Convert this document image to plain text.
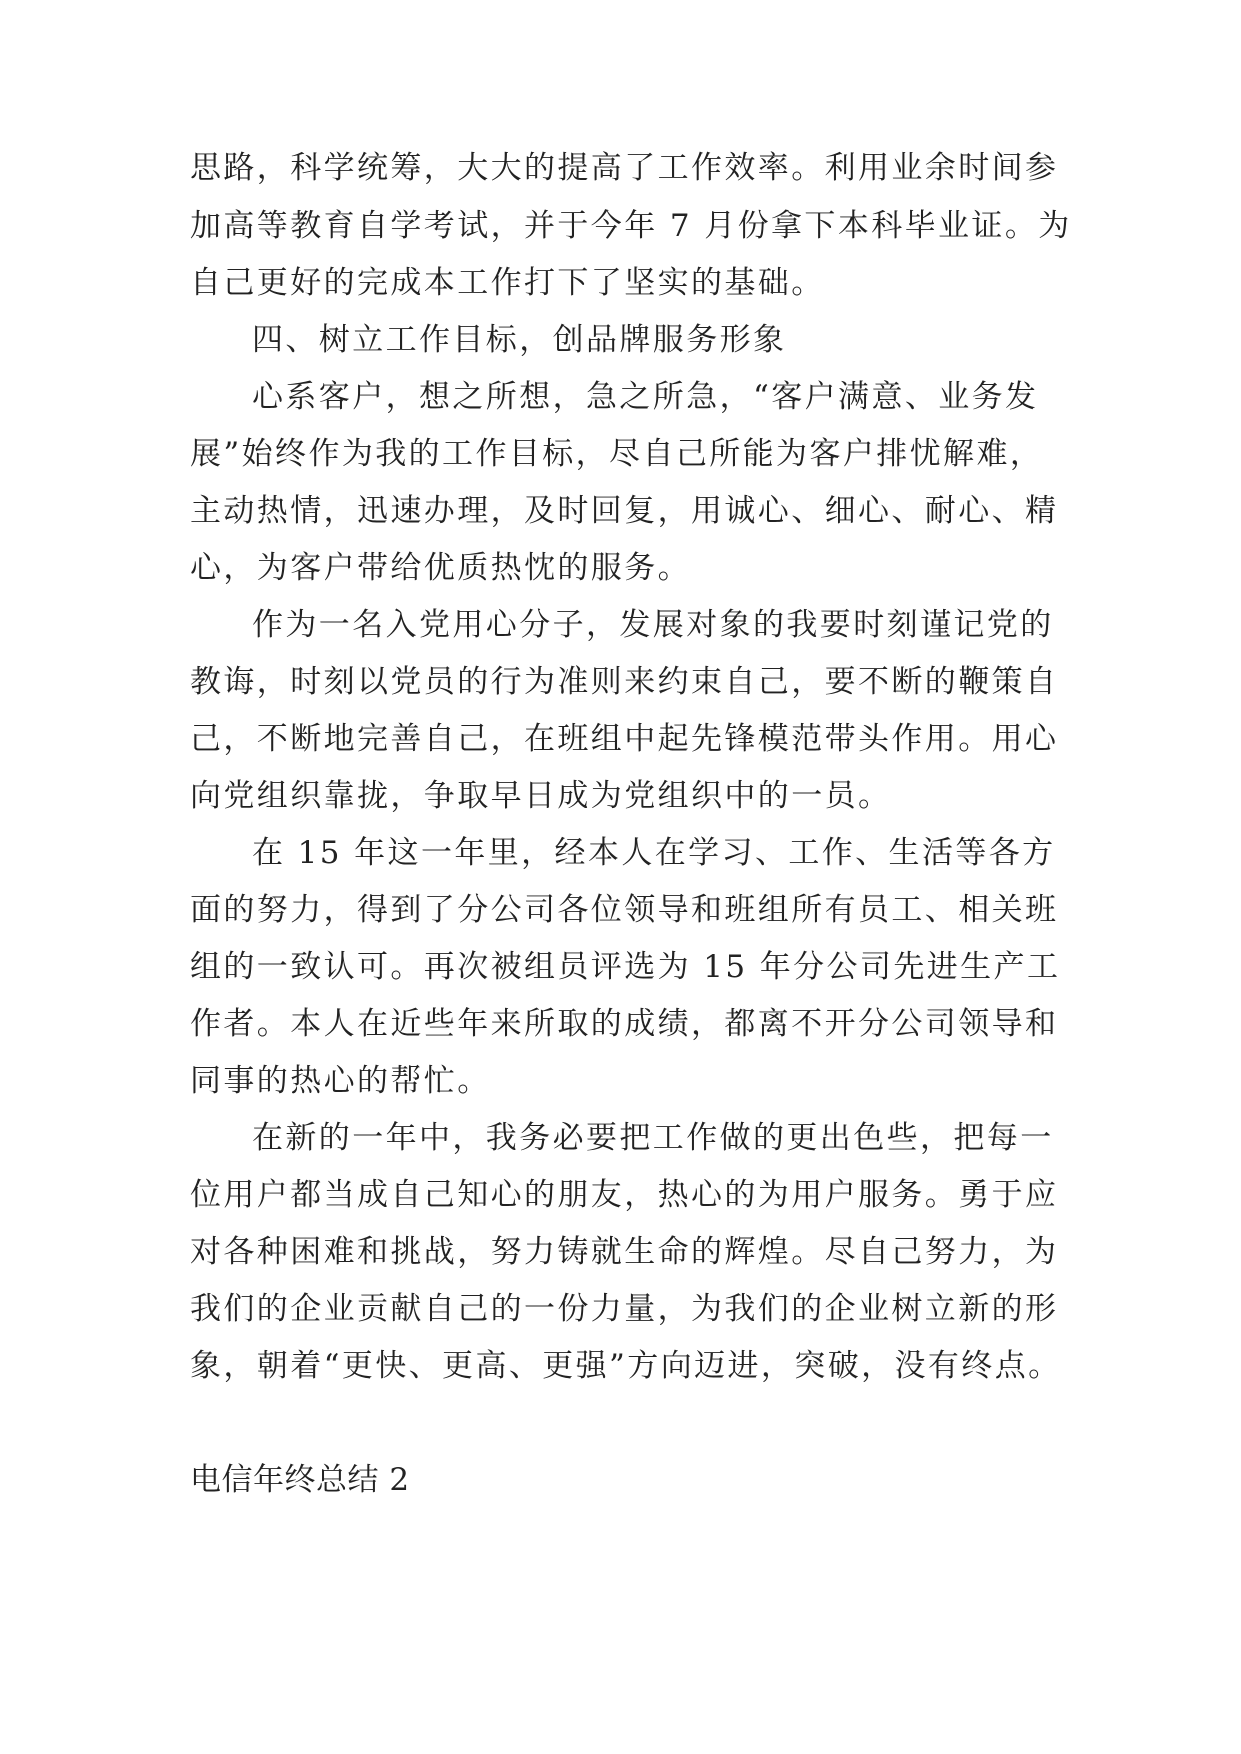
思路，科学统筹，大大的提高了工作效率。利用业余时间参
加高等教育自学考试，并于今年 7 月份拿下本科毕业证。为
自己更好的完成本工作打下了坚实的基础。
四、树立工作目标，创品牌服务形象
心系客户，想之所想，急之所急，“客户满意、业务发
展”始终作为我的工作目标，尽自己所能为客户排忧解难，
主动热情，迅速办理，及时回复，用诚心、细心、耐心、精
心，为客户带给优质热忱的服务。
作为一名入党用心分子，发展对象的我要时刻谨记党的
教诲，时刻以党员的行为准则来约束自己，要不断的鞭策自
己，不断地完善自己，在班组中起先锋模范带头作用。用心
向党组织靠拢，争取早日成为党组织中的一员。
在 15 年这一年里，经本人在学习、工作、生活等各方
面的努力，得到了分公司各位领导和班组所有员工、相关班
组的一致认可。再次被组员评选为 15 年分公司先进生产工
作者。本人在近些年来所取的成绩，都离不开分公司领导和
同事的热心的帮忙。
在新的一年中，我务必要把工作做的更出色些，把每一
位用户都当成自己知心的朋友，热心的为用户服务。勇于应
对各种困难和挑战，努力铸就生命的辉煌。尽自己努力，为
我们的企业贡献自己的一份力量，为我们的企业树立新的形
象，朝着“更快、更高、更强”方向迈进，突破，没有终点。
电信年终总结 2
